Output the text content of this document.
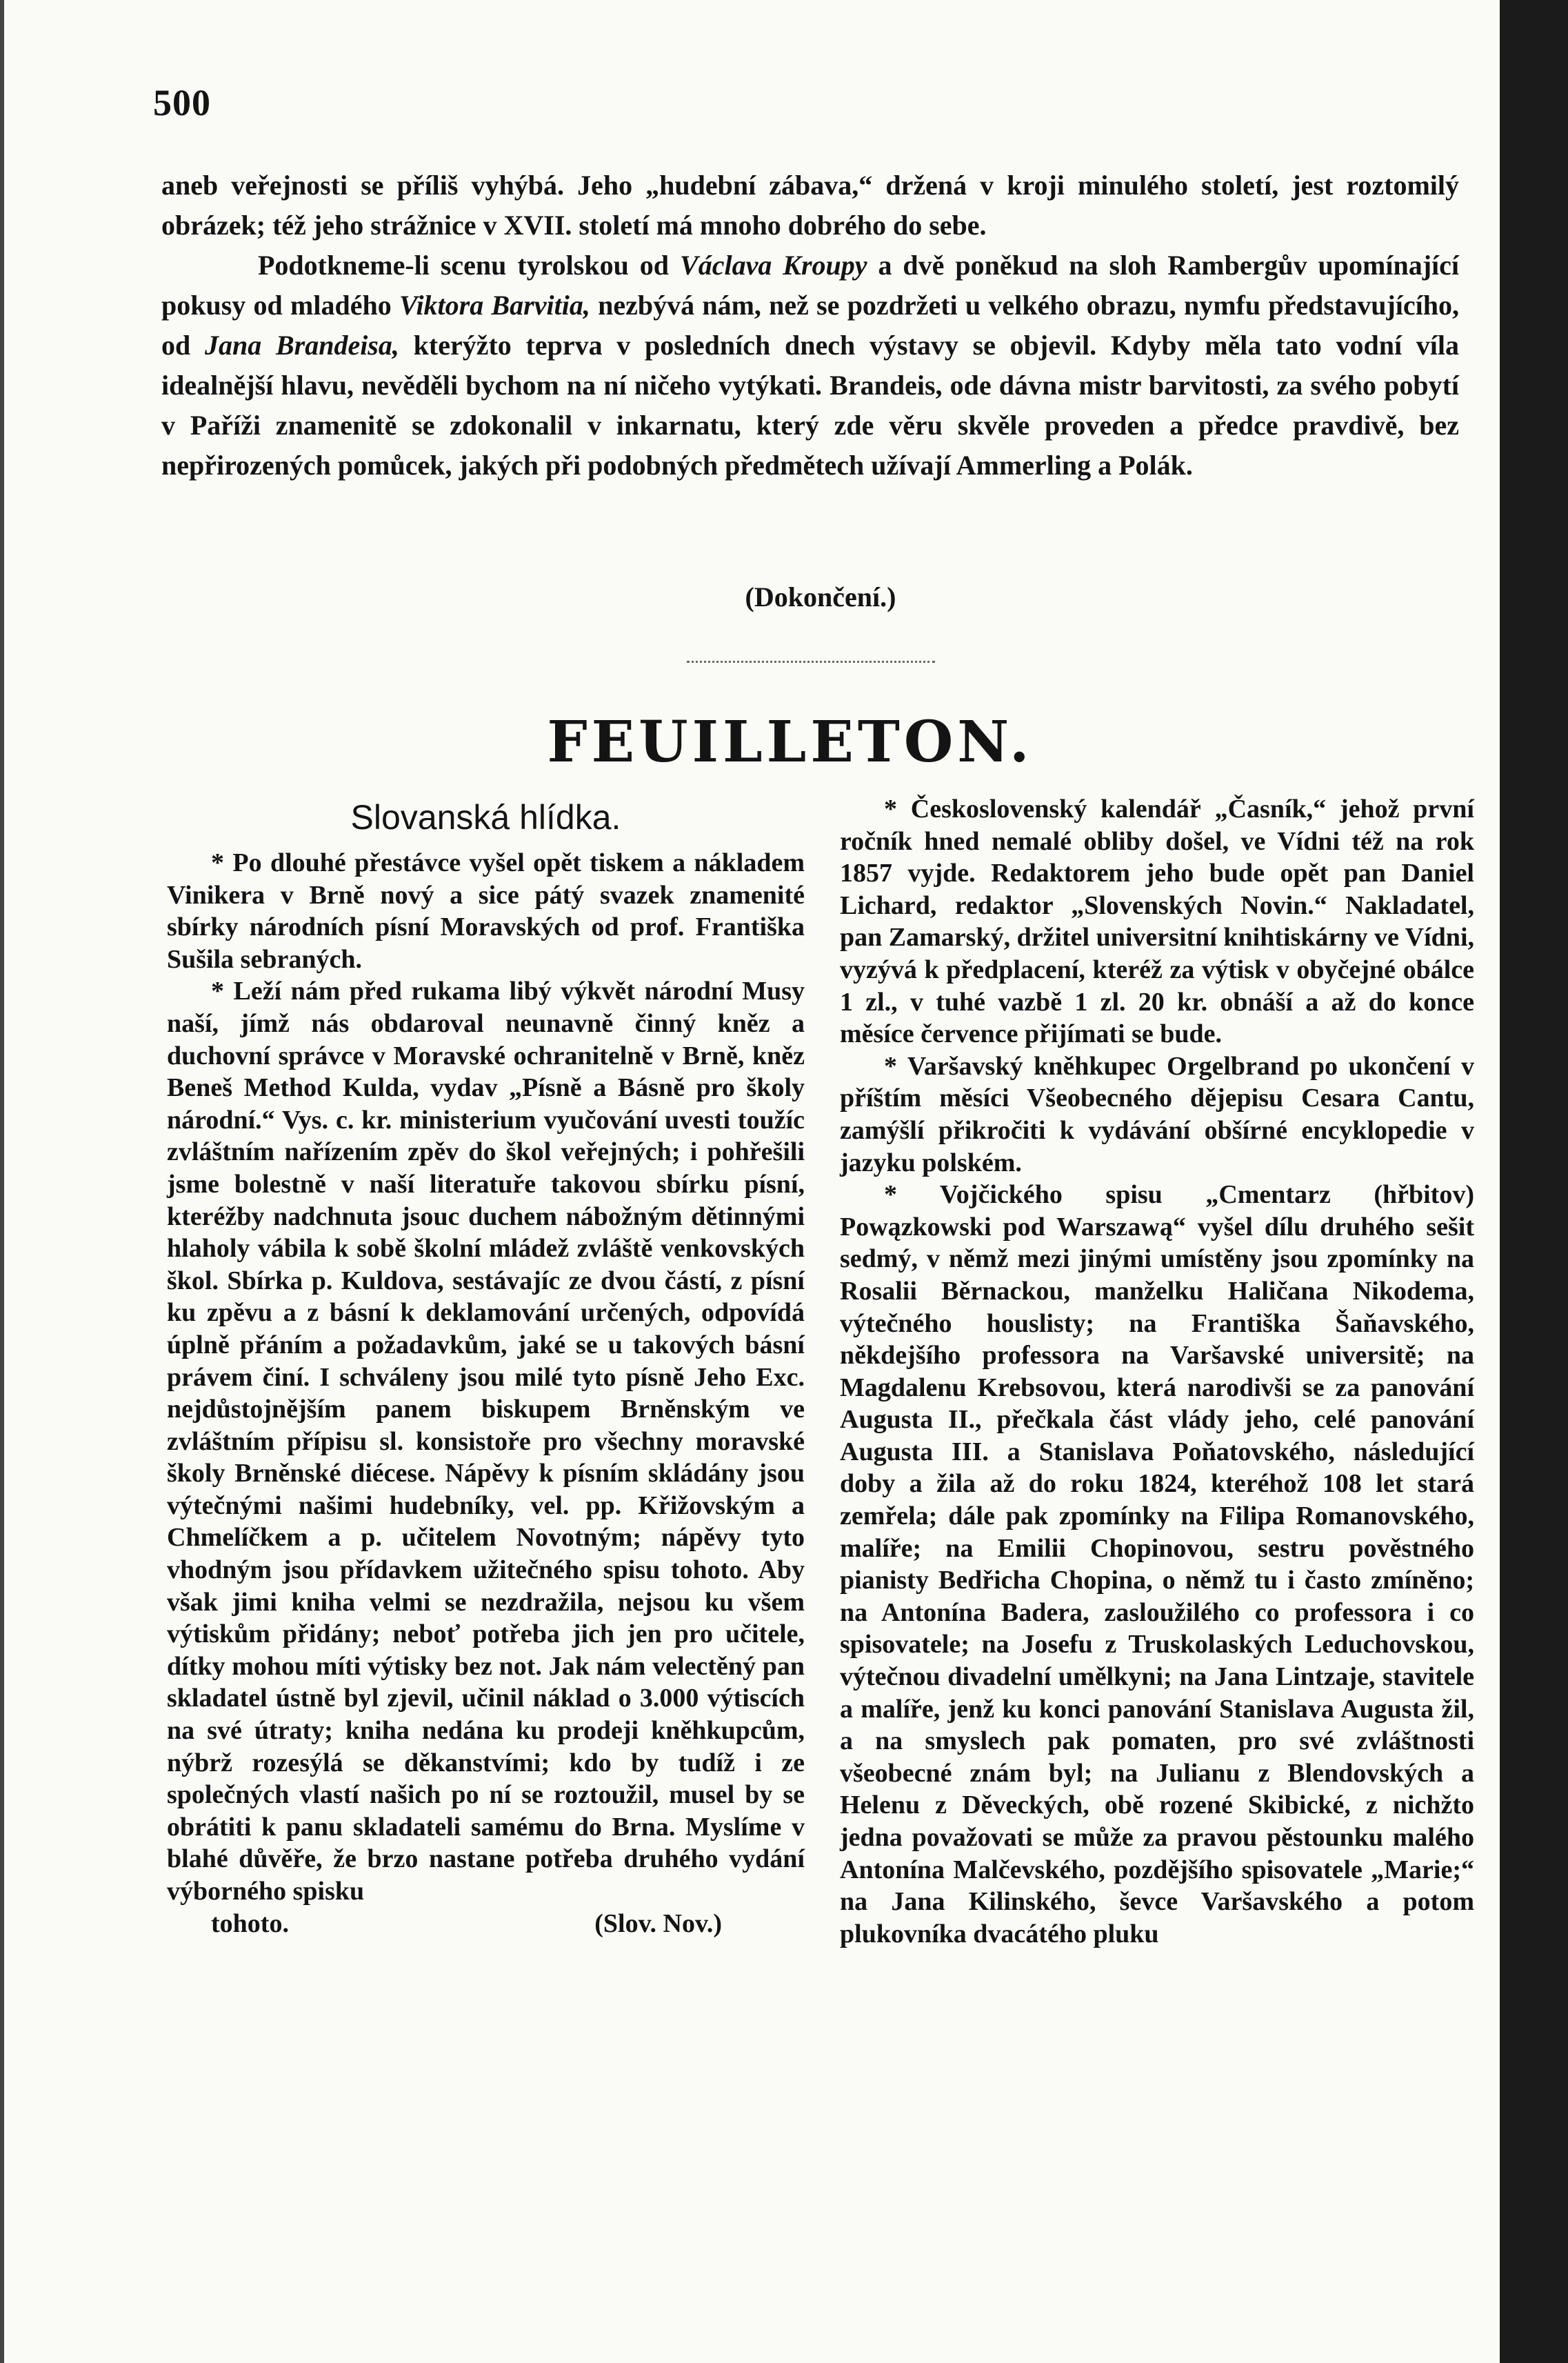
500

aneb veřejnosti se příliš vyhýbá. Jeho „hudební zábava,“ držená v kroji minulého století, jest roztomilý obrázek; též jeho strážnice v XVII. století má mnoho dobrého do sebe.

Podotkneme-li scenu tyrolskou od Václava Kroupy a dvě poněkud na sloh Rambergův upomínající pokusy od mladého Viktora Barvitia, nezbývá nám, než se pozdržeti u velkého obrazu, nymfu představujícího, od Jana Brandeisa, kterýžto teprva v posledních dnech výstavy se objevil. Kdyby měla tato vodní víla idealnější hlavu, nevěděli bychom na ní ničeho vytýkati. Brandeis, ode dávna mistr barvitosti, za svého pobytí v Paříži znamenitě se zdokonalil v inkarnatu, který zde věru skvěle proveden a předce pravdivě, bez nepřirozených pomůcek, jakých při podobných předmětech užívají Ammerling a Polák.

(Dokončení.)
FEUILLETON.
Slovanská hlídka.

* Po dlouhé přestávce vyšel opět tiskem a nákladem Vinikera v Brně nový a sice pátý svazek znamenité sbírky národních písní Moravských od prof. Františka Sušila sebraných.

* Leží nám před rukama libý výkvět národní Musy naší, jímž nás obdaroval neunavně činný kněz a duchovní správce v Moravské ochranitelně v Brně, kněz Beneš Method Kulda, vydav „Písně a Básně pro školy národní.“ Vys. c. kr. ministerium vyučování uvesti toužíc zvláštním nařízením zpěv do škol veřejných; i pohřešili jsme bolestně v naší literatuře takovou sbírku písní, kteréžby nadchnuta jsouc duchem nábožným dětinnými hlaholy vábila k sobě školní mládež zvláště venkovských škol. Sbírka p. Kuldova, sestávajíc ze dvou částí, z písní ku zpěvu a z básní k deklamování určených, odpovídá úplně přáním a požadavkům, jaké se u takových básní právem činí. I schváleny jsou milé tyto písně Jeho Exc. nejdůstojnějším panem biskupem Brněnským ve zvláštním přípisu sl. konsistoře pro všechny moravské školy Brněnské diécese. Nápěvy k písním skládány jsou výtečnými našimi hudebníky, vel. pp. Křižovským a Chmelíčkem a p. učitelem Novotným; nápěvy tyto vhodným jsou přídavkem užitečného spisu tohoto. Aby však jimi kniha velmi se nezdražila, nejsou ku všem výtiskům přidány; neboť potřeba jich jen pro učitele, dítky mohou míti výtisky bez not. Jak nám velectěný pan skladatel ústně byl zjevil, učinil náklad o 3.000 výtiscích na své útraty; kniha nedána ku prodeji kněhkupcům, nýbrž rozesýlá se děkanstvími; kdo by tudíž i ze společných vlastí našich po ní se roztoužil, musel by se obrátiti k panu skladateli samému do Brna. Myslíme v blahé důvěře, že brzo nastane potřeba druhého vydání výborného spisku

tohoto.	(Slov. Nov.)

* Československý kalendář „Časník,“ jehož první ročník hned nemalé obliby došel, ve Vídni též na rok 1857 vyjde. Redaktorem jeho bude opět pan Daniel Lichard, redaktor „Slovenských Novin.“ Nakladatel, pan Zamarský, držitel universitní knihtiskárny ve Vídni, vyzývá k předplacení, kteréž za výtisk v obyčejné obálce 1 zl., v tuhé vazbě 1 zl. 20 kr. obnáší a až do konce měsíce července přijímati se bude.

* Varšavský kněhkupec Orgelbrand po ukončení v příštím měsíci Všeobecného dějepisu Cesara Cantu, zamýšlí přikročiti k vydávání obšírné encyklopedie v jazyku polském.

* Vojčického spisu „Cmentarz (hřbitov) Powązkowski pod Warszawą“ vyšel dílu druhého sešit sedmý, v němž mezi jinými umístěny jsou zpomínky na Rosalii Běrnackou, manželku Haličana Nikodema, výtečného houslisty; na Františka Šaňavského, někdejšího professora na Varšavské universitě; na Magdalenu Krebsovou, která narodivši se za panování Augusta II., přečkala část vlády jeho, celé panování Augusta III. a Stanislava Poňatovského, následující doby a žila až do roku 1824, kteréhož 108 let stará zemřela; dále pak zpomínky na Filipa Romanovského, malíře; na Emilii Chopinovou, sestru pověstného pianisty Bedřicha Chopina, o němž tu i často zmíněno; na Antonína Badera, zasloužilého co professora i co spisovatele; na Josefu z Truskolaských Leduchovskou, výtečnou divadelní umělkyni; na Jana Lintzaje, stavitele a malíře, jenž ku konci panování Stanislava Augusta žil, a na smyslech pak pomaten, pro své zvláštnosti všeobecné znám byl; na Julianu z Blendovských a Helenu z Děveckých, obě rozené Skibické, z nichžto jedna považovati se může za pravou pěstounku malého Antonína Malčevského, pozdějšího spisovatele „Marie;“ na Jana Kilinského, ševce Varšavského a potom plukovníka dvacátého pluku
